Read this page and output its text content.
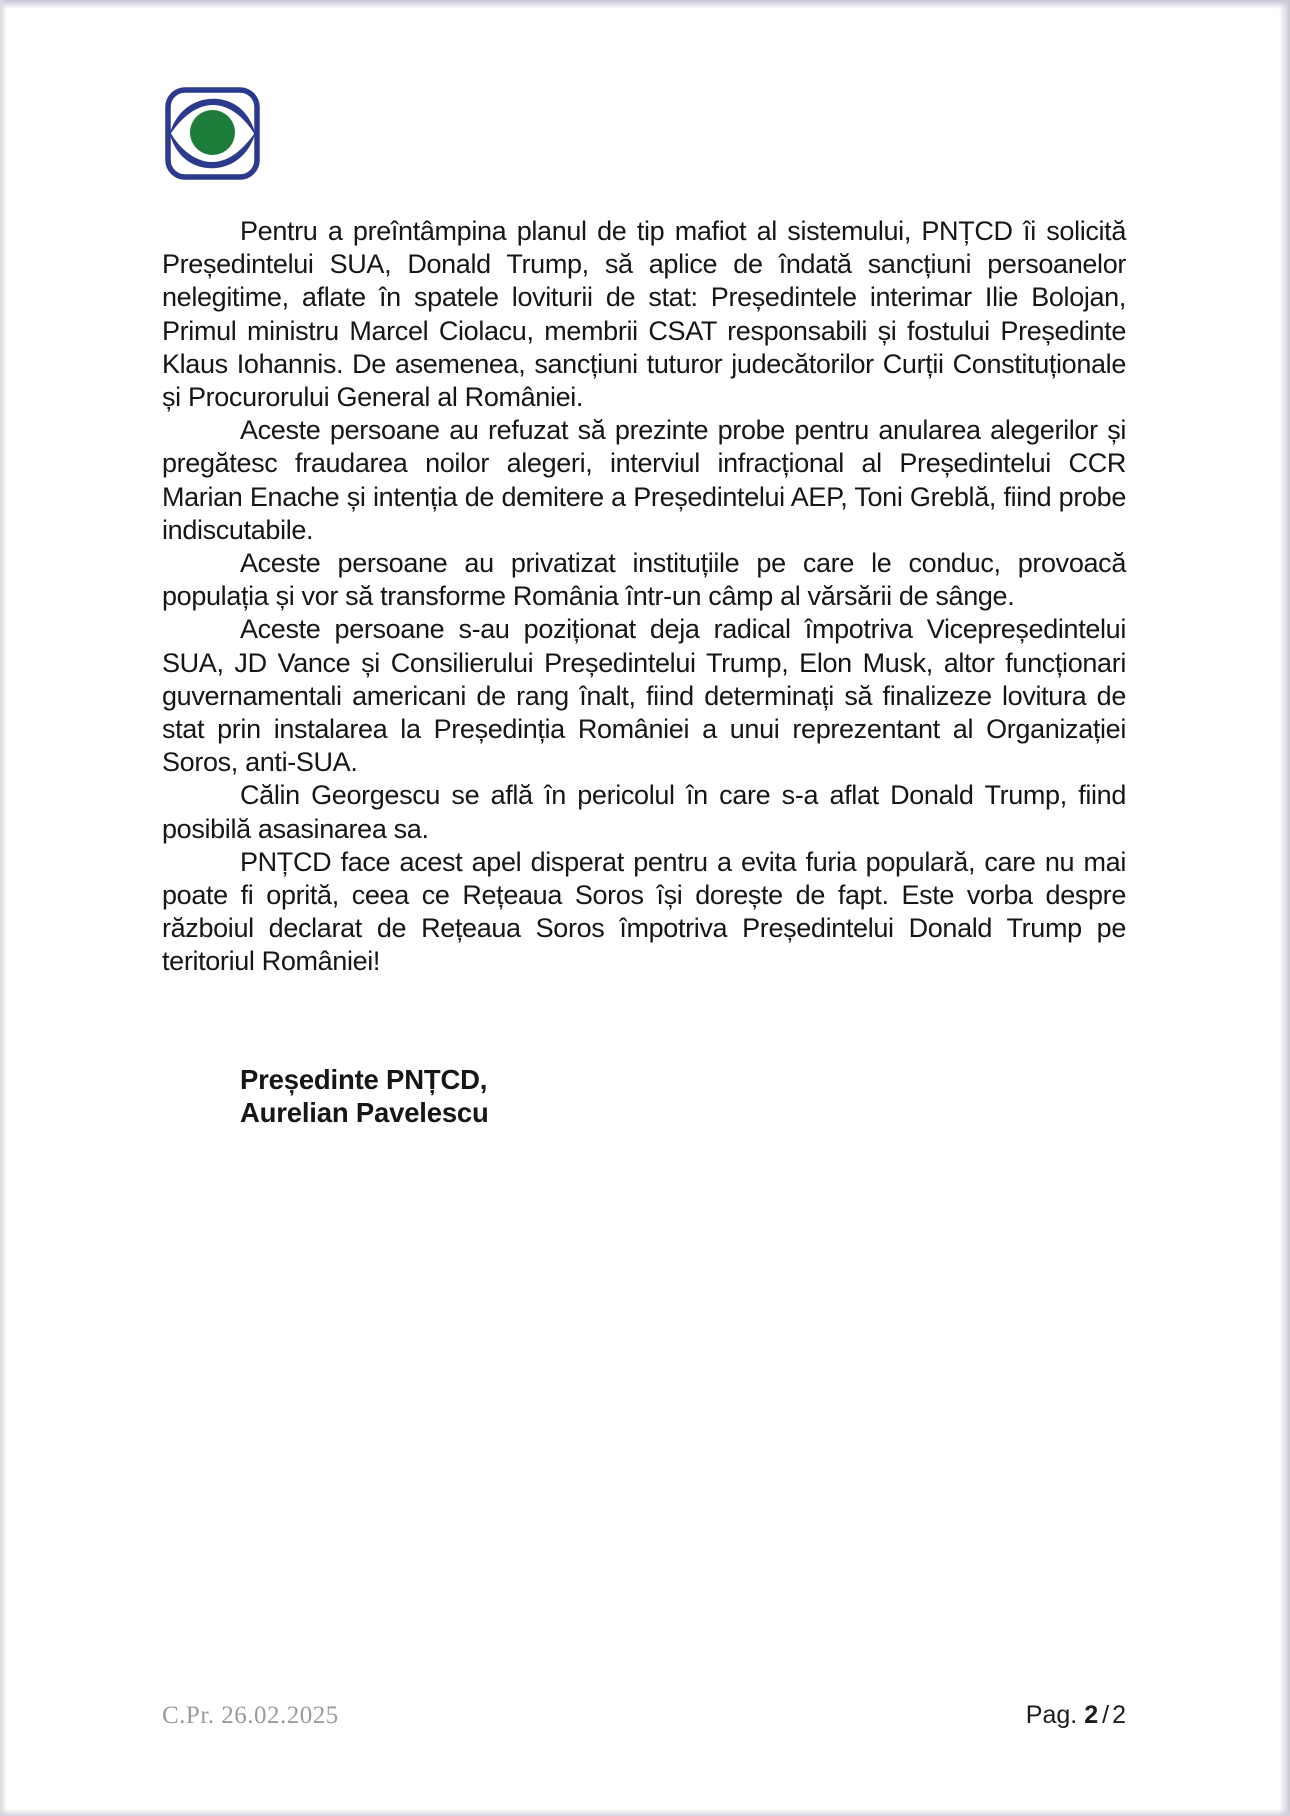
Pentru a preîntâmpina planul de tip mafiot al sistemului, PNȚCD îi solicită Președintelui SUA, Donald Trump, să aplice de îndată sancțiuni persoanelor nelegitime, aflate în spatele loviturii de stat: Președintele interimar Ilie Bolojan, Primul ministru Marcel Ciolacu, membrii CSAT responsabili și fostului Președinte Klaus Iohannis. De asemenea, sancțiuni tuturor judecătorilor Curții Constituționale și Procurorului General al României.

Aceste persoane au refuzat să prezinte probe pentru anularea alegerilor și pregătesc fraudarea noilor alegeri, interviul infracțional al Președintelui CCR Marian Enache și intenția de demitere a Președintelui AEP, Toni Greblă, fiind probe indiscutabile.

Aceste persoane au privatizat instituțiile pe care le conduc, provoacă populația și vor să transforme România într-un câmp al vărsării de sânge.

Aceste persoane s-au poziționat deja radical împotriva Vicepreședintelui SUA, JD Vance și Consilierului Președintelui Trump, Elon Musk, altor funcționari guvernamentali americani de rang înalt, fiind determinați să finalizeze lovitura de stat prin instalarea la Președinția României a unui reprezentant al Organizației Soros, anti-SUA.

Călin Georgescu se află în pericolul în care s-a aflat Donald Trump, fiind posibilă asasinarea sa.

PNȚCD face acest apel disperat pentru a evita furia populară, care nu mai poate fi oprită, ceea ce Rețeaua Soros își dorește de fapt. Este vorba despre războiul declarat de Rețeaua Soros împotriva Președintelui Donald Trump pe teritoriul României!

Președinte PNȚCD,
Aurelian Pavelescu
C.Pr. 26.02.2025	Pag. 2 / 2
